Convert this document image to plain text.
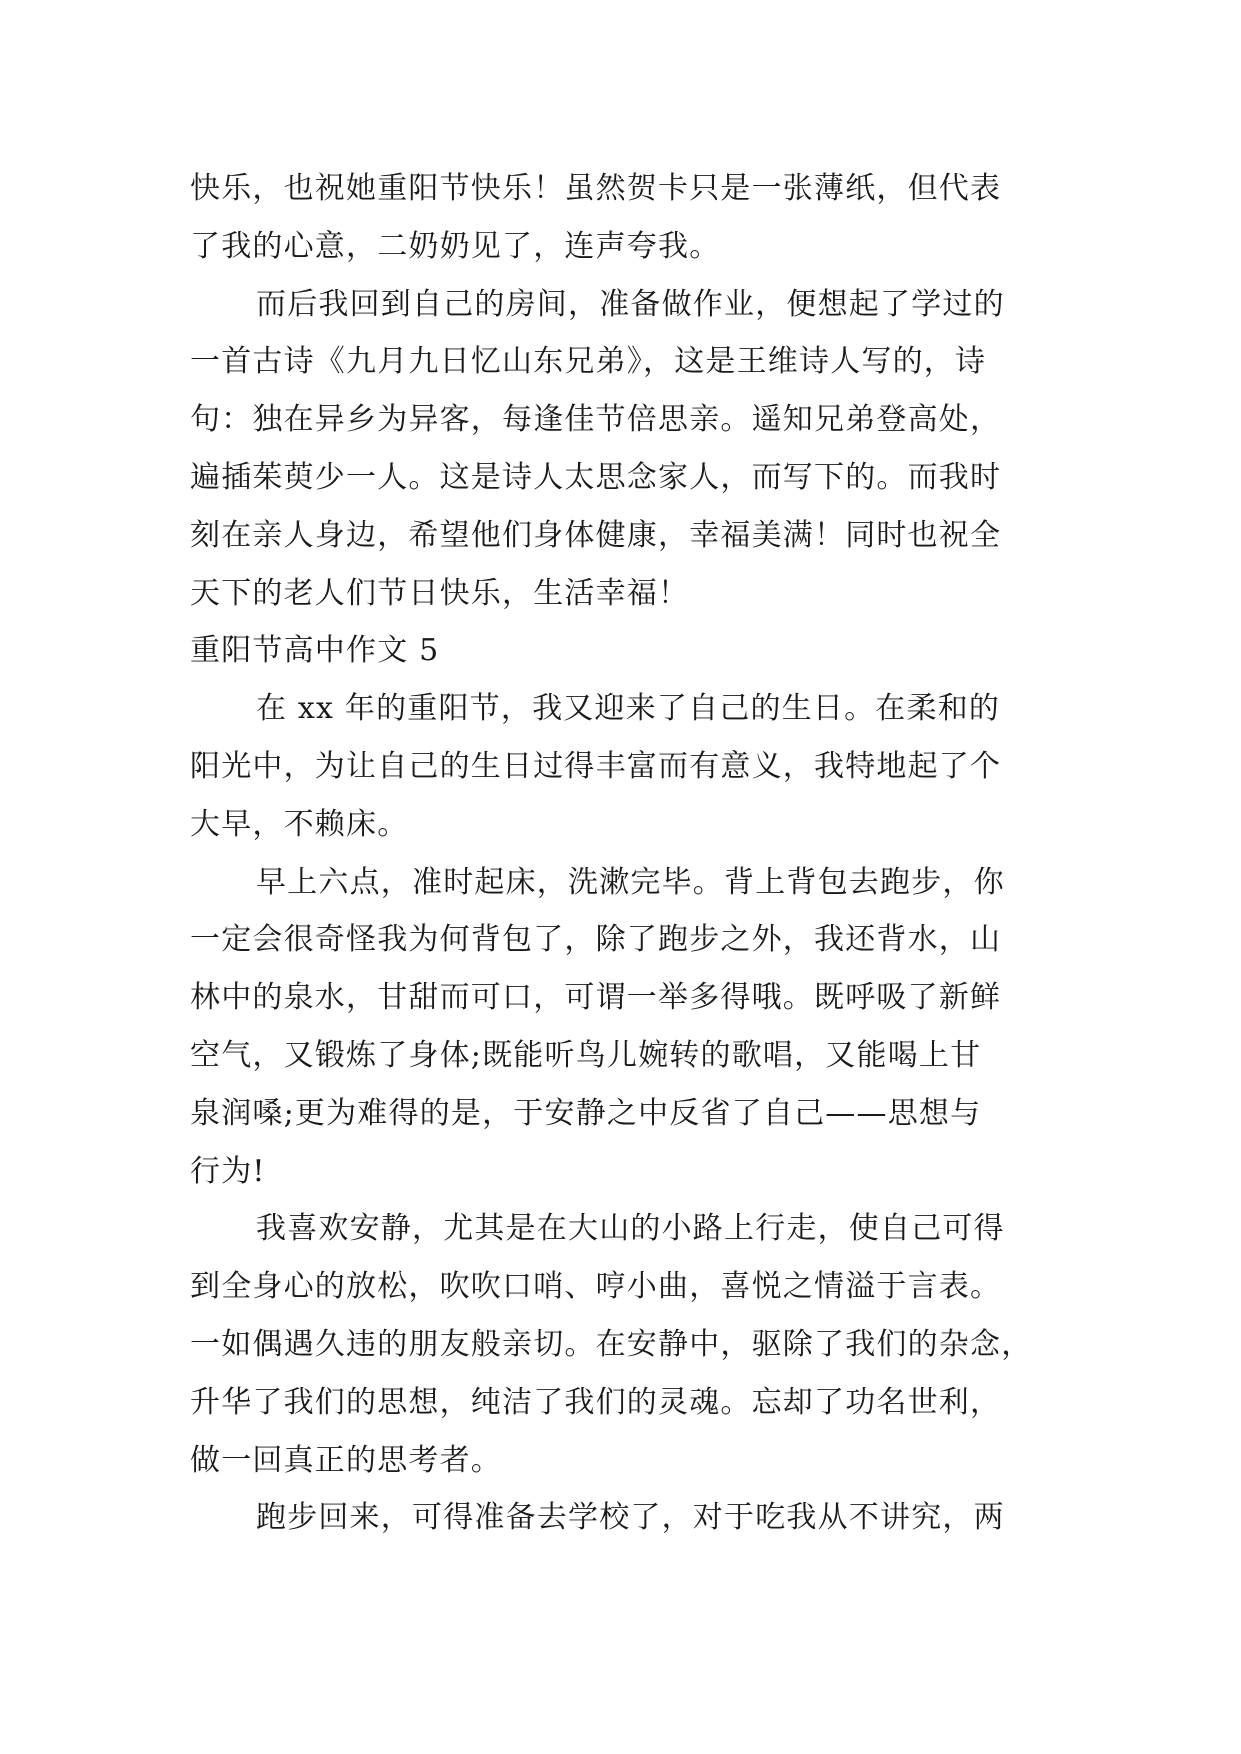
快乐，也祝她重阳节快乐！虽然贺卡只是一张薄纸，但代表
了我的心意，二奶奶见了，连声夸我。
而后我回到自己的房间，准备做作业，便想起了学过的
一首古诗《九月九日忆山东兄弟》，这是王维诗人写的，诗
句：独在异乡为异客，每逢佳节倍思亲。遥知兄弟登高处，
遍插茱萸少一人。这是诗人太思念家人，而写下的。而我时
刻在亲人身边，希望他们身体健康，幸福美满！同时也祝全
天下的老人们节日快乐，生活幸福！
重阳节高中作文 5
在 xx 年的重阳节，我又迎来了自己的生日。在柔和的
阳光中，为让自己的生日过得丰富而有意义，我特地起了个
大早，不赖床。
早上六点，准时起床，洗漱完毕。背上背包去跑步，你
一定会很奇怪我为何背包了，除了跑步之外，我还背水，山
林中的泉水，甘甜而可口，可谓一举多得哦。既呼吸了新鲜
空气，又锻炼了身体;既能听鸟儿婉转的歌唱，又能喝上甘
泉润嗓;更为难得的是，于安静之中反省了自己——思想与
行为!
我喜欢安静，尤其是在大山的小路上行走，使自己可得
到全身心的放松，吹吹口哨、哼小曲，喜悦之情溢于言表。
一如偶遇久违的朋友般亲切。在安静中，驱除了我们的杂念，
升华了我们的思想，纯洁了我们的灵魂。忘却了功名世利，
做一回真正的思考者。
跑步回来，可得准备去学校了，对于吃我从不讲究，两
